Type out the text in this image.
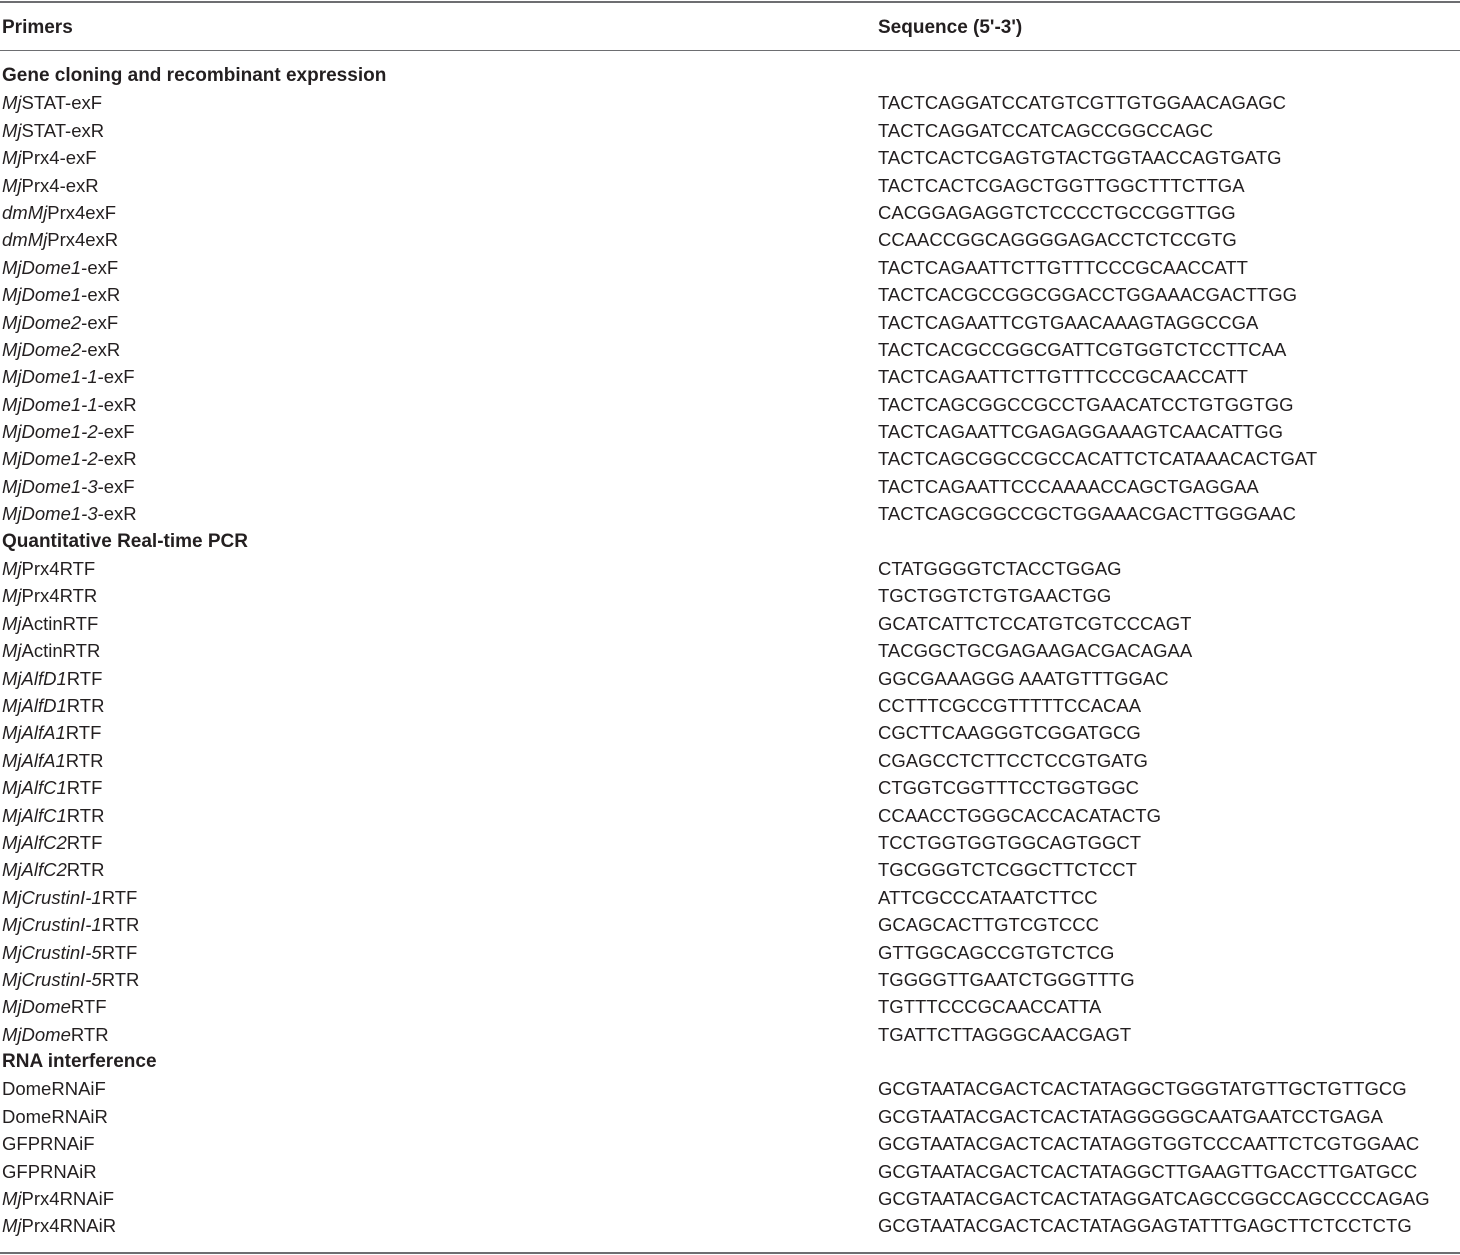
Primers	Sequence (5'-3')
Gene cloning and recombinant expression
MjSTAT-exF	TACTCAGGATCCATGTCGTTGTGGAACAGAGC
MjSTAT-exR	TACTCAGGATCCATCAGCCGGCCAGC
MjPrx4-exF	TACTCACTCGAGTGTACTGGTAACCAGTGATG
MjPrx4-exR	TACTCACTCGAGCTGGTTGGCTTTCTTGA
dmMjPrx4exF	CACGGAGAGGTCTCCCCTGCCGGTTGG
dmMjPrx4exR	CCAACCGGCAGGGGAGACCTCTCCGTG
MjDome1-exF	TACTCAGAATTCTTGTTTCCCGCAACCATT
MjDome1-exR	TACTCACGCCGGCGGACCTGGAAACGACTTGG
MjDome2-exF	TACTCAGAATTCGTGAACAAAGTAGGCCGA
MjDome2-exR	TACTCACGCCGGCGATTCGTGGTCTCCTTCAA
MjDome1-1-exF	TACTCAGAATTCTTGTTTCCCGCAACCATT
MjDome1-1-exR	TACTCAGCGGCCGCCTGAACATCCTGTGGTGG
MjDome1-2-exF	TACTCAGAATTCGAGAGGAAAGTCAACATTGG
MjDome1-2-exR	TACTCAGCGGCCGCCACATTCTCATAAACACTGAT
MjDome1-3-exF	TACTCAGAATTCCCAAAACCAGCTGAGGAA
MjDome1-3-exR	TACTCAGCGGCCGCTGGAAACGACTTGGGAAC
Quantitative Real-time PCR
MjPrx4RTF	CTATGGGGTCTACCTGGAG
MjPrx4RTR	TGCTGGTCTGTGAACTGG
MjActinRTF	GCATCATTCTCCATGTCGTCCCAGT
MjActinRTR	TACGGCTGCGAGAAGACGACAGAA
MjAlfD1RTF	GGCGAAAGGG AAATGTTTGGAC
MjAlfD1RTR	CCTTTCGCCGTTTTTCCACAA
MjAlfA1RTF	CGCTTCAAGGGTCGGATGCG
MjAlfA1RTR	CGAGCCTCTTCCTCCGTGATG
MjAlfC1RTF	CTGGTCGGTTTCCTGGTGGC
MjAlfC1RTR	CCAACCTGGGCACCACATACTG
MjAlfC2RTF	TCCTGGTGGTGGCAGTGGCT
MjAlfC2RTR	TGCGGGTCTCGGCTTCTCCT
MjCrustinI-1RTF	ATTCGCCCATAATCTTCC
MjCrustinI-1RTR	GCAGCACTTGTCGTCCC
MjCrustinI-5RTF	GTTGGCAGCCGTGTCTCG
MjCrustinI-5RTR	TGGGGTTGAATCTGGGTTTG
MjDomeRTF	TGTTTCCCGCAACCATTA
MjDomeRTR	TGATTCTTAGGGCAACGAGT
RNA interference
DomeRNAiF	GCGTAATACGACTCACTATAGGCTGGGTATGTTGCTGTTGCG
DomeRNAiR	GCGTAATACGACTCACTATAGGGGGCAATGAATCCTGAGA
GFPRNAiF	GCGTAATACGACTCACTATAGGTGGTCCCAATTCTCGTGGAAC
GFPRNAiR	GCGTAATACGACTCACTATAGGCTTGAAGTTGACCTTGATGCC
MjPrx4RNAiF	GCGTAATACGACTCACTATAGGATCAGCCGGCCAGCCCCAGAG
MjPrx4RNAiR	GCGTAATACGACTCACTATAGGAGTATTTGAGCTTCTCCTCTG
